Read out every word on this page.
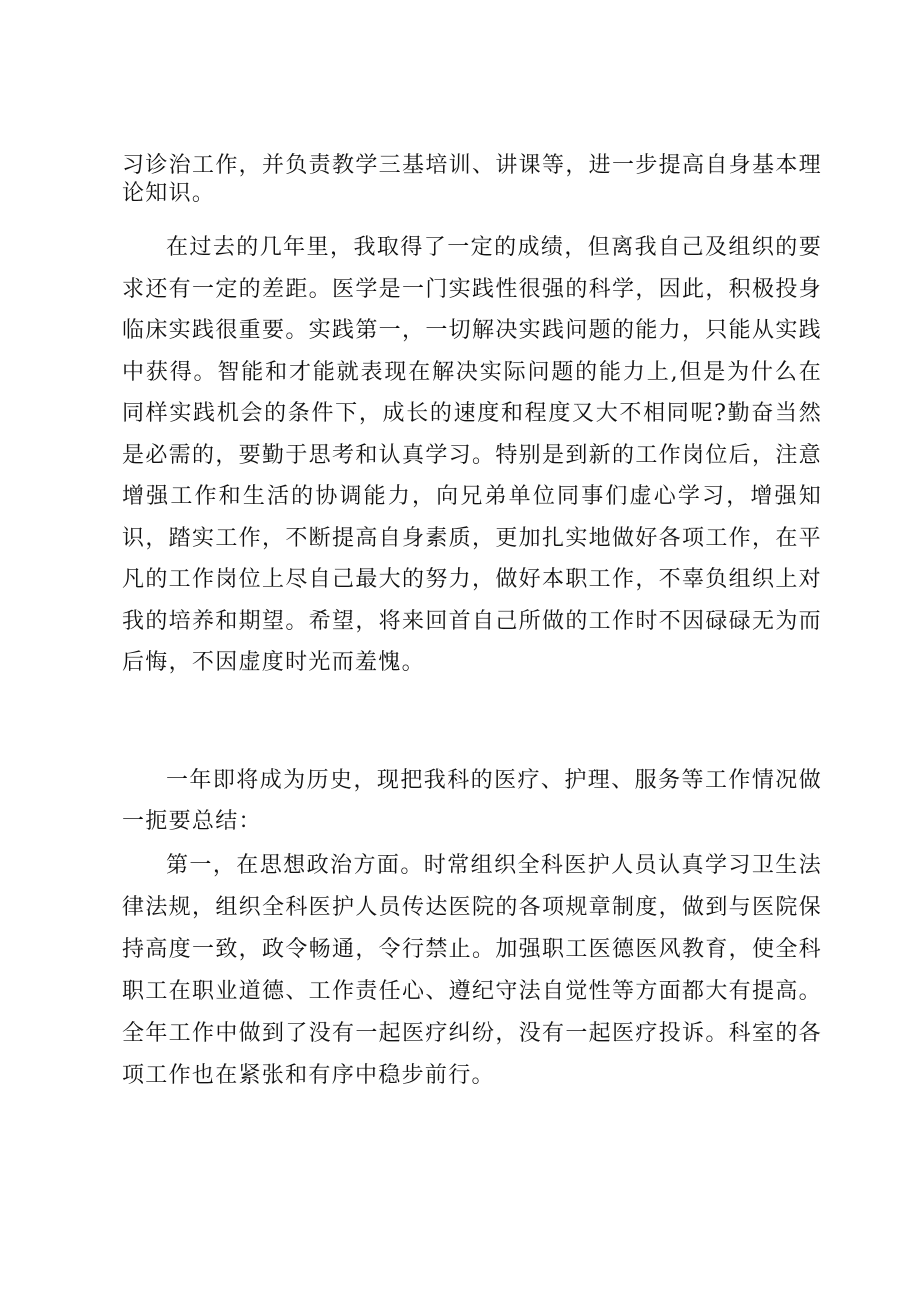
习诊治工作，并负责教学三基培训、讲课等，进一步提高自身基本理论知识。

在过去的几年里，我取得了一定的成绩，但离我自己及组织的要求还有一定的差距。医学是一门实践性很强的科学，因此，积极投身临床实践很重要。实践第一，一切解决实践问题的能力，只能从实践中获得。智能和才能就表现在解决实际问题的能力上,但是为什么在同样实践机会的条件下，成长的速度和程度又大不相同呢?勤奋当然是必需的，要勤于思考和认真学习。特别是到新的工作岗位后，注意增强工作和生活的协调能力，向兄弟单位同事们虚心学习，增强知识，踏实工作，不断提高自身素质，更加扎实地做好各项工作，在平凡的工作岗位上尽自己最大的努力，做好本职工作，不辜负组织上对我的培养和期望。希望，将来回首自己所做的工作时不因碌碌无为而后悔，不因虚度时光而羞愧。

一年即将成为历史，现把我科的医疗、护理、服务等工作情况做一扼要总结：

第一，在思想政治方面。时常组织全科医护人员认真学习卫生法律法规，组织全科医护人员传达医院的各项规章制度，做到与医院保持高度一致，政令畅通，令行禁止。加强职工医德医风教育，使全科职工在职业道德、工作责任心、遵纪守法自觉性等方面都大有提高。全年工作中做到了没有一起医疗纠纷，没有一起医疗投诉。科室的各项工作也在紧张和有序中稳步前行。
